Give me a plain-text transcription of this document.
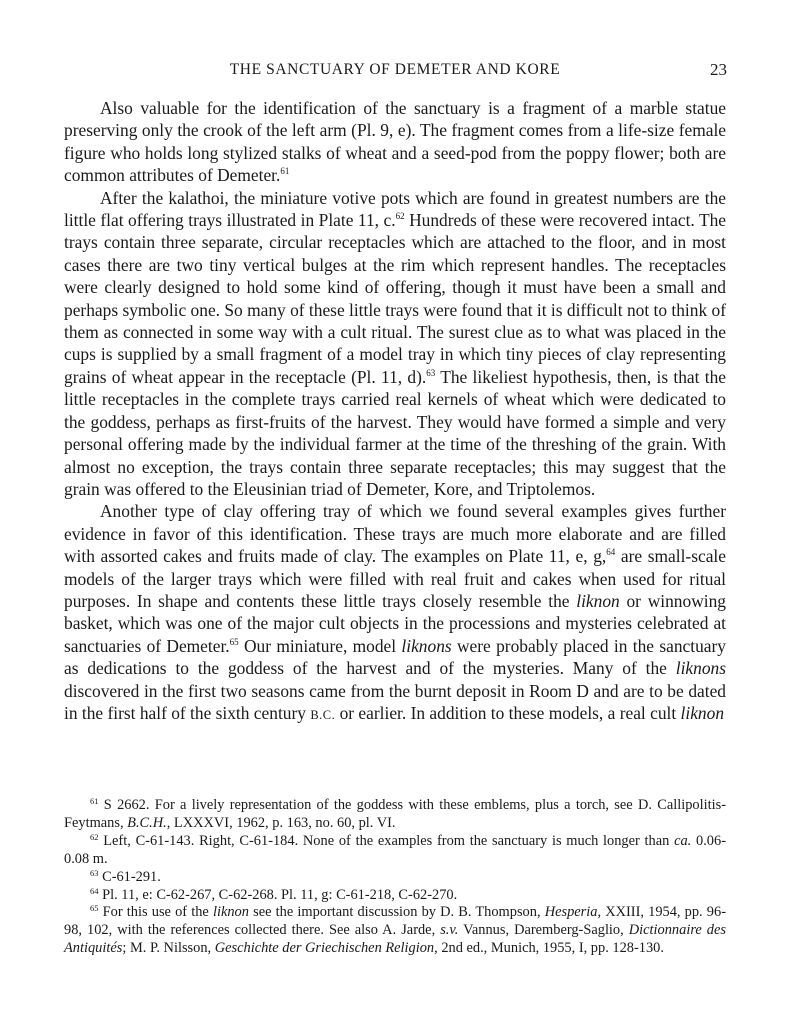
THE SANCTUARY OF DEMETER AND KORE	23

Also valuable for the identification of the sanctuary is a fragment of a marble statue preserving only the crook of the left arm (Pl. 9, e). The fragment comes from a life-size female figure who holds long stylized stalks of wheat and a seed-pod from the poppy flower; both are common attributes of Demeter.$^{61}$

After the kalathoi, the miniature votive pots which are found in greatest numbers are the little flat offering trays illustrated in Plate 11, c.$^{62}$ Hundreds of these were recovered intact. The trays contain three separate, circular receptacles which are attached to the floor, and in most cases there are two tiny vertical bulges at the rim which represent handles. The receptacles were clearly designed to hold some kind of offering, though it must have been a small and perhaps symbolic one. So many of these little trays were found that it is difficult not to think of them as connected in some way with a cult ritual. The surest clue as to what was placed in the cups is supplied by a small fragment of a model tray in which tiny pieces of clay representing grains of wheat appear in the receptacle (Pl. 11, d).$^{63}$ The likeliest hypothesis, then, is that the little receptacles in the complete trays carried real kernels of wheat which were dedicated to the goddess, perhaps as first-fruits of the harvest. They would have formed a simple and very personal offering made by the individual farmer at the time of the threshing of the grain. With almost no exception, the trays contain three separate receptacles; this may suggest that the grain was offered to the Eleusinian triad of Demeter, Kore, and Triptolemos.

Another type of clay offering tray of which we found several examples gives further evidence in favor of this identification. These trays are much more elaborate and are filled with assorted cakes and fruits made of clay. The examples on Plate 11, e, g,$^{64}$ are small-scale models of the larger trays which were filled with real fruit and cakes when used for ritual purposes. In shape and contents these little trays closely resemble the liknon or winnowing basket, which was one of the major cult objects in the processions and mysteries celebrated at sanctuaries of Demeter.$^{65}$ Our miniature, model liknons were probably placed in the sanctuary as dedications to the goddess of the harvest and of the mysteries. Many of the liknons discovered in the first two seasons came from the burnt deposit in Room D and are to be dated in the first half of the sixth century B.C. or earlier. In addition to these models, a real cult liknon

$^{61}$ S 2662. For a lively representation of the goddess with these emblems, plus a torch, see D. Callipolitis-Feytmans, B.C.H., LXXXVI, 1962, p. 163, no. 60, pl. VI.

$^{62}$ Left, C-61-143. Right, C-61-184. None of the examples from the sanctuary is much longer than ca. 0.06-0.08 m.

$^{63}$ C-61-291.

$^{64}$ Pl. 11, e: C-62-267, C-62-268. Pl. 11, g: C-61-218, C-62-270.

$^{65}$ For this use of the liknon see the important discussion by D. B. Thompson, Hesperia, XXIII, 1954, pp. 96-98, 102, with the references collected there. See also A. Jarde, s.v. Vannus, Daremberg-Saglio, Dictionnaire des Antiquités; M. P. Nilsson, Geschichte der Griechischen Religion, 2nd ed., Munich, 1955, I, pp. 128-130.
